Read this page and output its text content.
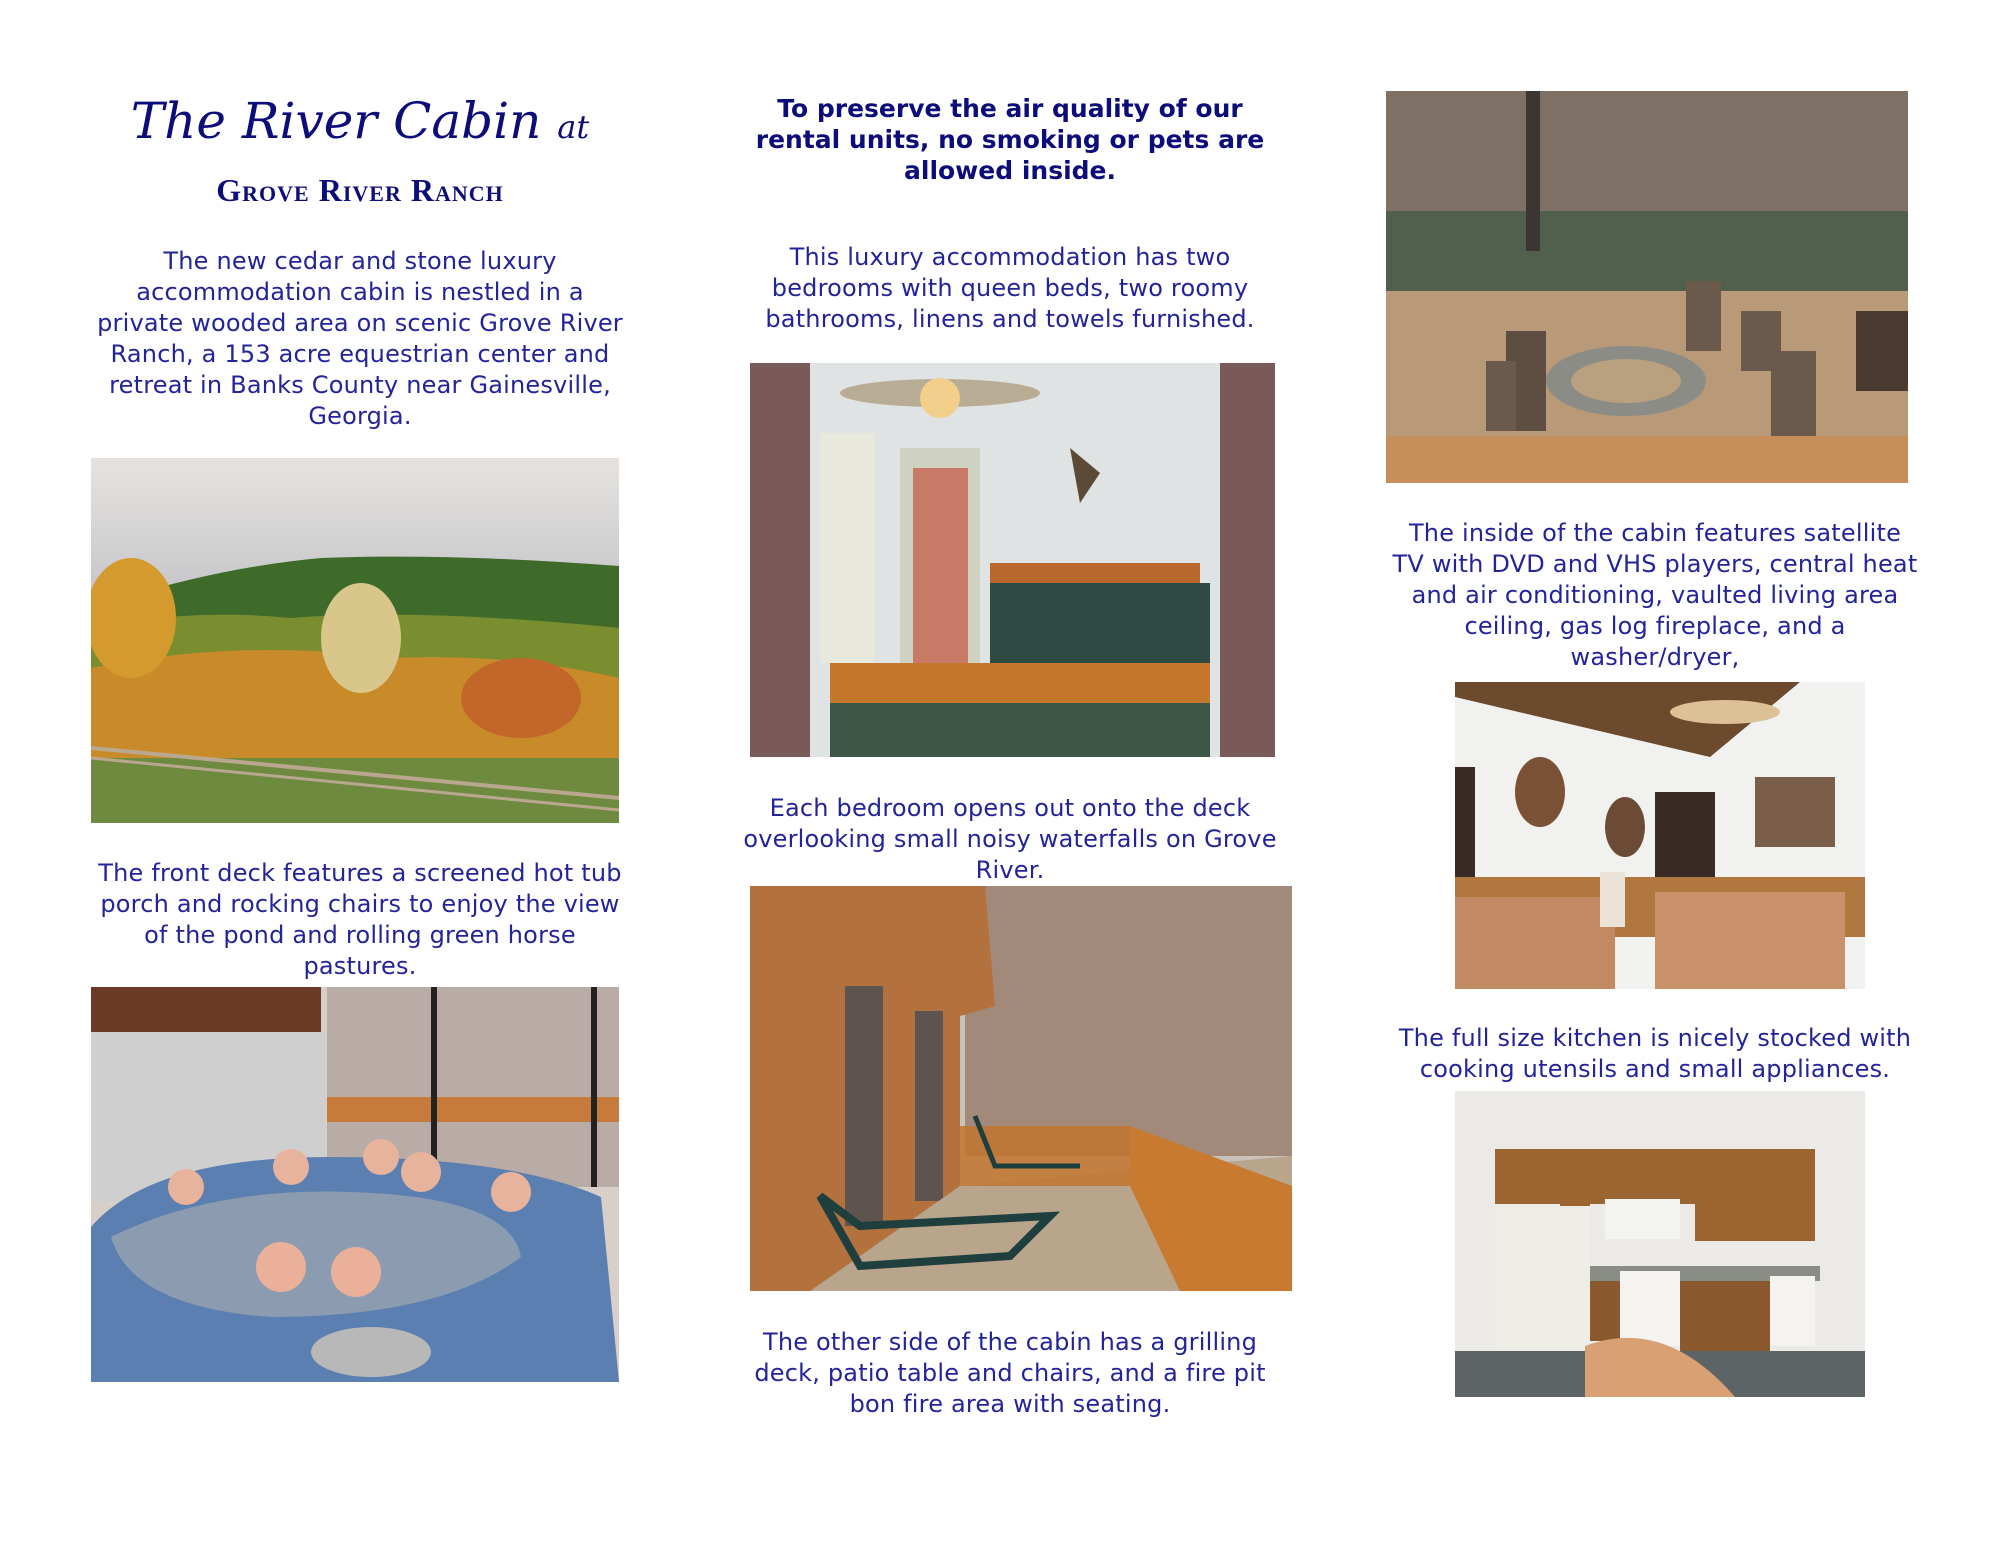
The River Cabin at
Grove River Ranch
The new cedar and stone luxury accommodation cabin is nestled in a private wooded area on scenic Grove River Ranch, a 153 acre equestrian center and retreat in Banks County near Gainesville, Georgia.
The front deck features a screened hot tub porch and rocking chairs to enjoy the view of the pond and rolling green horse pastures.
To preserve the air quality of our rental units, no smoking or pets are allowed inside.
This luxury accommodation has two bedrooms with queen beds, two roomy bathrooms, linens and towels furnished.
Each bedroom opens out onto the deck overlooking small noisy waterfalls on Grove River.
The other side of the cabin has a grilling deck, patio table and chairs, and a fire pit bon fire area with seating.
The inside of the cabin features satellite TV with DVD and VHS players, central heat and air conditioning, vaulted living area ceiling, gas log fireplace, and a washer/dryer,
The full size kitchen is nicely stocked with cooking utensils and small appliances.
